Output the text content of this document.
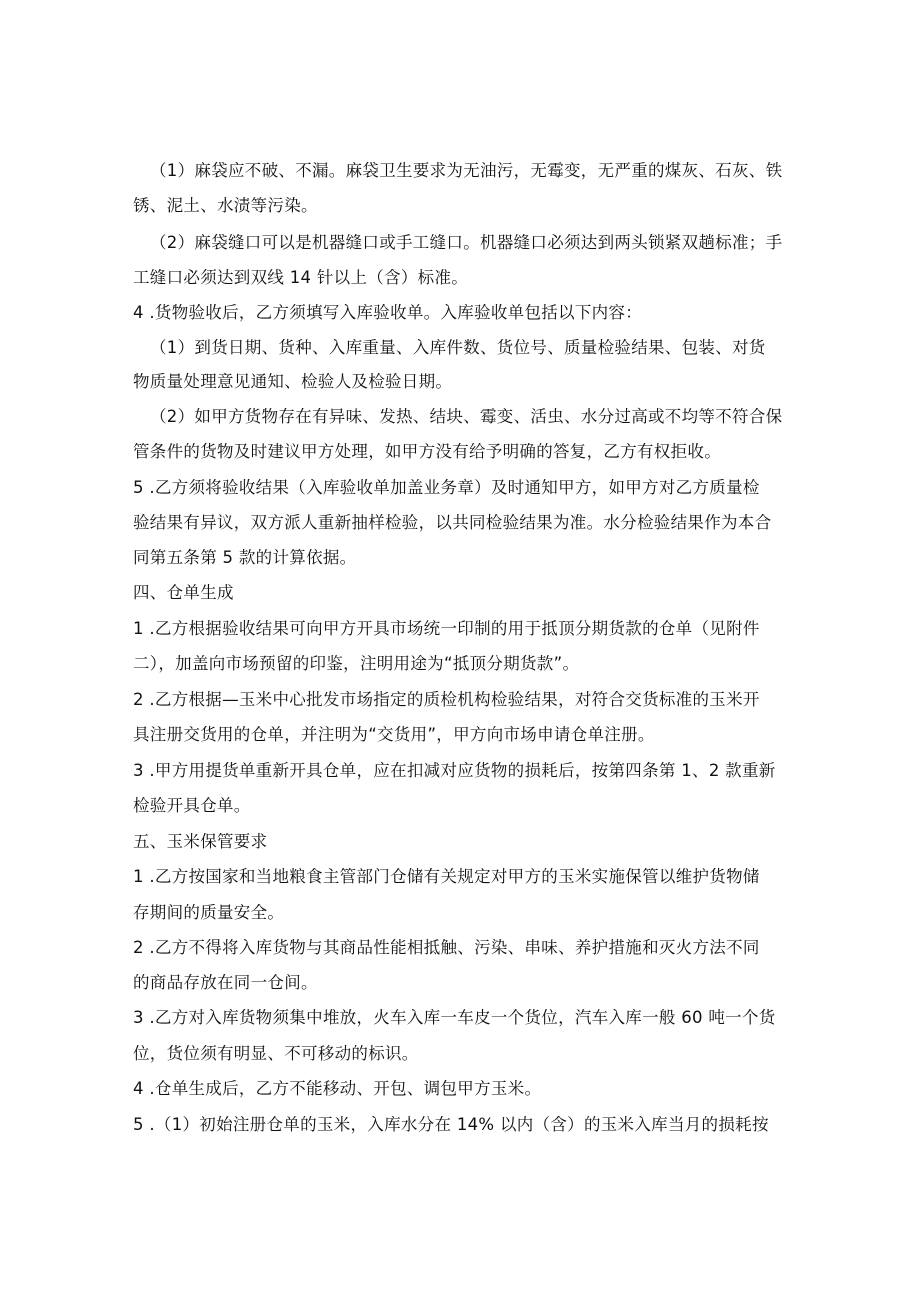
（1）麻袋应不破、不漏。麻袋卫生要求为无油污，无霉变，无严重的煤灰、石灰、铁
锈、泥土、水渍等污染。
（2）麻袋缝口可以是机器缝口或手工缝口。机器缝口必须达到两头锁紧双趟标准；手
工缝口必须达到双线 14 针以上（含）标准。
4 .货物验收后，乙方须填写入库验收单。入库验收单包括以下内容：
（1）到货日期、货种、入库重量、入库件数、货位号、质量检验结果、包装、对货
物质量处理意见通知、检验人及检验日期。
（2）如甲方货物存在有异味、发热、结块、霉变、活虫、水分过高或不均等不符合保
管条件的货物及时建议甲方处理，如甲方没有给予明确的答复，乙方有权拒收。
5 .乙方须将验收结果（入库验收单加盖业务章）及时通知甲方，如甲方对乙方质量检
验结果有异议，双方派人重新抽样检验，以共同检验结果为准。水分检验结果作为本合
同第五条第 5 款的计算依据。
四、仓单生成
1 .乙方根据验收结果可向甲方开具市场统一印制的用于抵顶分期货款的仓单（见附件
二），加盖向市场预留的印鉴，注明用途为“抵顶分期货款”。
2 .乙方根据—玉米中心批发市场指定的质检机构检验结果，对符合交货标准的玉米开
具注册交货用的仓单，并注明为“交货用”，甲方向市场申请仓单注册。
3 .甲方用提货单重新开具仓单，应在扣减对应货物的损耗后，按第四条第 1、2 款重新
检验开具仓单。
五、玉米保管要求
1 .乙方按国家和当地粮食主管部门仓储有关规定对甲方的玉米实施保管以维护货物储
存期间的质量安全。
2 .乙方不得将入库货物与其商品性能相抵触、污染、串味、养护措施和灭火方法不同
的商品存放在同一仓间。
3 .乙方对入库货物须集中堆放，火车入库一车皮一个货位，汽车入库一般 60 吨一个货
位，货位须有明显、不可移动的标识。
4 .仓单生成后，乙方不能移动、开包、调包甲方玉米。
5 .（1）初始注册仓单的玉米，入库水分在 14% 以内（含）的玉米入库当月的损耗按
